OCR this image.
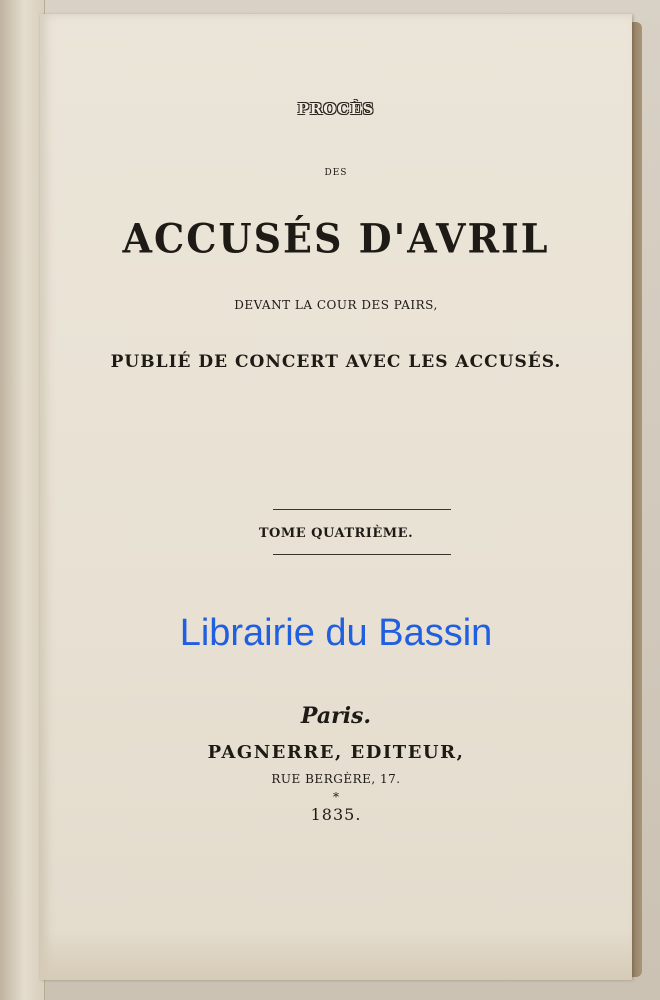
PROCÈS
DES
ACCUSÉS D'AVRIL
DEVANT LA COUR DES PAIRS,
PUBLIÉ DE CONCERT AVEC LES ACCUSÉS.
TOME QUATRIÈME.
Librairie du Bassin
Paris.
PAGNERRE, EDITEUR,
RUE BERGÈRE, 17.
*
1835.
